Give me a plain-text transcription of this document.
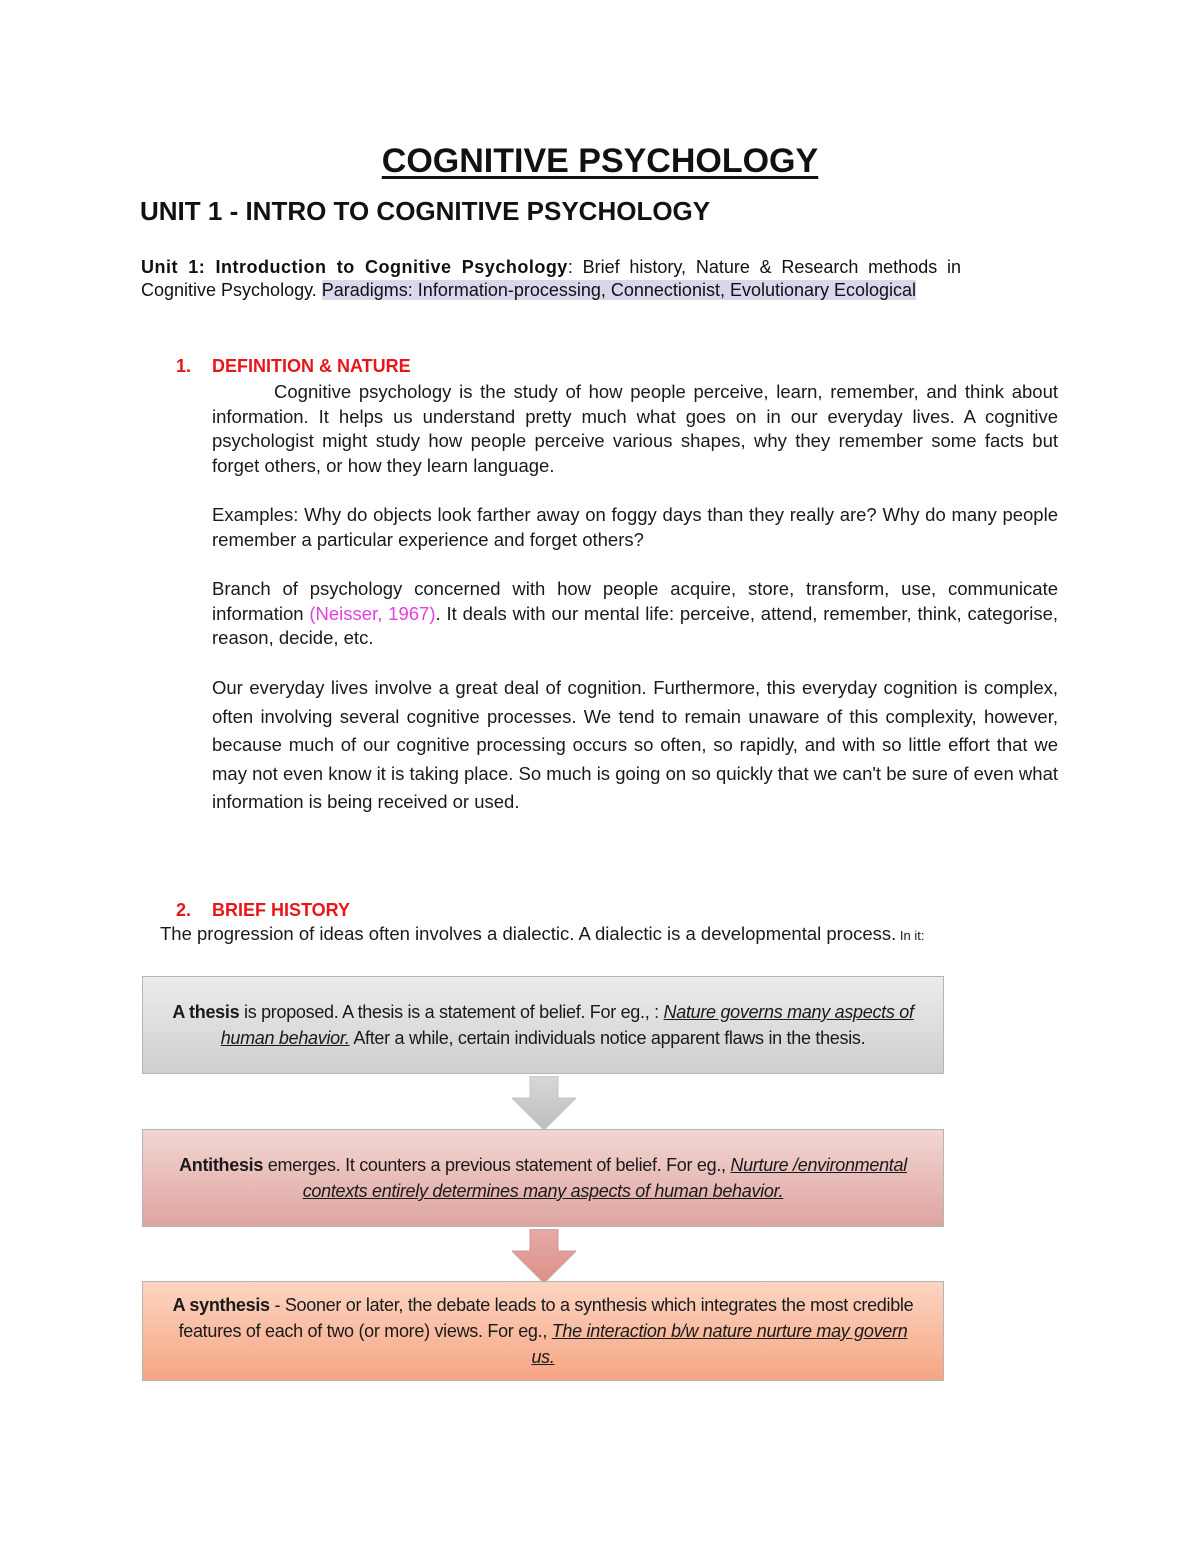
COGNITIVE PSYCHOLOGY
UNIT 1 - INTRO TO COGNITIVE PSYCHOLOGY

Unit 1: Introduction to Cognitive Psychology: Brief history, Nature & Research methods in Cognitive Psychology. Paradigms: Information-processing, Connectionist, Evolutionary Ecological

1. DEFINITION & NATURE

Cognitive psychology is the study of how people perceive, learn, remember, and think about information. It helps us understand pretty much what goes on in our everyday lives. A cognitive psychologist might study how people perceive various shapes, why they remember some facts but forget others, or how they learn language.

Examples: Why do objects look farther away on foggy days than they really are? Why do many people remember a particular experience and forget others?

Branch of psychology concerned with how people acquire, store, transform, use, communicate information (Neisser, 1967). It deals with our mental life: perceive, attend, remember, think, categorise, reason, decide, etc.

Our everyday lives involve a great deal of cognition. Furthermore, this everyday cognition is complex, often involving several cognitive processes. We tend to remain unaware of this complexity, however, because much of our cognitive processing occurs so often, so rapidly, and with so little effort that we may not even know it is taking place. So much is going on so quickly that we can't be sure of even what information is being received or used.

2. BRIEF HISTORY

The progression of ideas often involves a dialectic. A dialectic is a developmental process. In it:

A thesis is proposed. A thesis is a statement of belief. For eg., : Nature governs many aspects of human behavior. After a while, certain individuals notice apparent flaws in the thesis.
Antithesis emerges. It counters a previous statement of belief. For eg., Nurture /environmental contexts entirely determines many aspects of human behavior.
A synthesis - Sooner or later, the debate leads to a synthesis which integrates the most credible features of each of two (or more) views. For eg., The interaction b/w nature nurture may govern us.
